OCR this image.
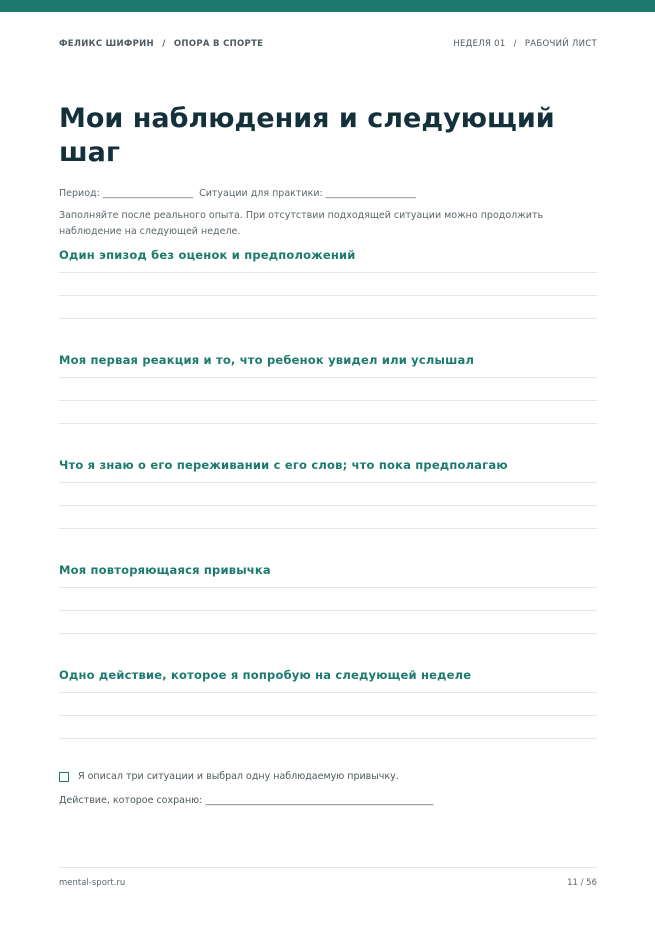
ФЕЛИКС ШИФРИН / ОПОРА В СПОРТЕ	НЕДЕЛЯ 01 / РАБОЧИЙ ЛИСТ
Мои наблюдения и следующий шаг
Период: ___________________ Ситуации для практики: ___________________

Заполняйте после реального опыта. При отсутствии подходящей ситуации можно продолжить наблюдение на следующей неделе.

Один эпизод без оценок и предположений
Моя первая реакция и то, что ребенок увидел или услышал
Что я знаю о его переживании с его слов; что пока предполагаю
Моя повторяющаяся привычка
Одно действие, которое я попробую на следующей неделе
Я описал три ситуации и выбрал одну наблюдаемую привычку.
Действие, которое сохраню: ________________________________________________
mental-sport.ru	11 / 56
